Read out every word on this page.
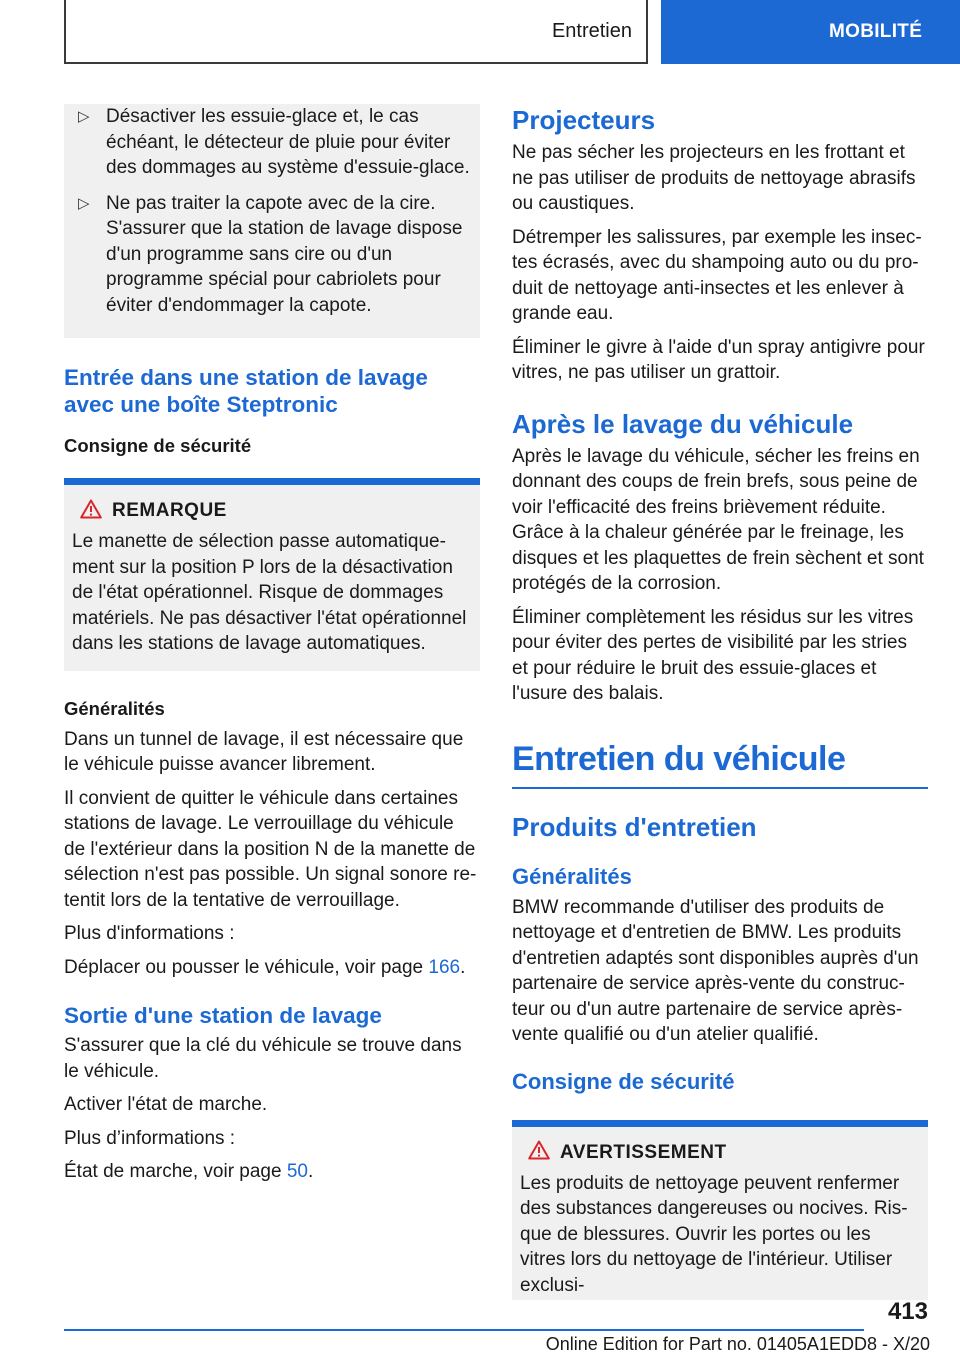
Entretien	MOBILITÉ
▷ Désactiver les essuie-glace et, le cas échéant, le détecteur de pluie pour éviter des dommages au système d'essuie-glace.
▷ Ne pas traiter la capote avec de la cire. S'assurer que la station de lavage dispose d'un programme sans cire ou d'un programme spécial pour cabriolets pour éviter d'endommager la capote.
Entrée dans une station de lavage avec une boîte Steptronic
Consigne de sécurité
REMARQUE

Le manette de sélection passe automatique-ment sur la position P lors de la désactivation de l'état opérationnel. Risque de dommages matériels. Ne pas désactiver l'état opérationnel dans les stations de lavage automatiques.

Généralités

Dans un tunnel de lavage, il est nécessaire que le véhicule puisse avancer librement.

Il convient de quitter le véhicule dans certaines stations de lavage. Le verrouillage du véhicule de l'extérieur dans la position N de la manette de sélection n'est pas possible. Un signal sonore re-tentit lors de la tentative de verrouillage.

Plus d'informations :

Déplacer ou pousser le véhicule, voir page 166.

Sortie d'une station de lavage

S'assurer que la clé du véhicule se trouve dans le véhicule.

Activer l'état de marche.

Plus d’informations :

État de marche, voir page 50.

Projecteurs

Ne pas sécher les projecteurs en les frottant et ne pas utiliser de produits de nettoyage abrasifs ou caustiques.

Détremper les salissures, par exemple les insec-tes écrasés, avec du shampoing auto ou du pro-duit de nettoyage anti-insectes et les enlever à grande eau.

Éliminer le givre à l'aide d'un spray antigivre pour vitres, ne pas utiliser un grattoir.

Après le lavage du véhicule

Après le lavage du véhicule, sécher les freins en donnant des coups de frein brefs, sous peine de voir l'efficacité des freins brièvement réduite. Grâce à la chaleur générée par le freinage, les disques et les plaquettes de frein sèchent et sont protégés de la corrosion.

Éliminer complètement les résidus sur les vitres pour éviter des pertes de visibilité par les stries et pour réduire le bruit des essuie-glaces et l'usure des balais.

Entretien du véhicule
Produits d'entretien
Généralités

BMW recommande d'utiliser des produits de nettoyage et d'entretien de BMW. Les produits d'entretien adaptés sont disponibles auprès d'un partenaire de service après-vente du construc-teur ou d'un autre partenaire de service après-vente qualifié ou d'un atelier qualifié.

Consigne de sécurité
AVERTISSEMENT

Les produits de nettoyage peuvent renfermer des substances dangereuses ou nocives. Ris-que de blessures. Ouvrir les portes ou les vitres lors du nettoyage de l'intérieur. Utiliser exclusi-

413
Online Edition for Part no. 01405A1EDD8 - X/20
